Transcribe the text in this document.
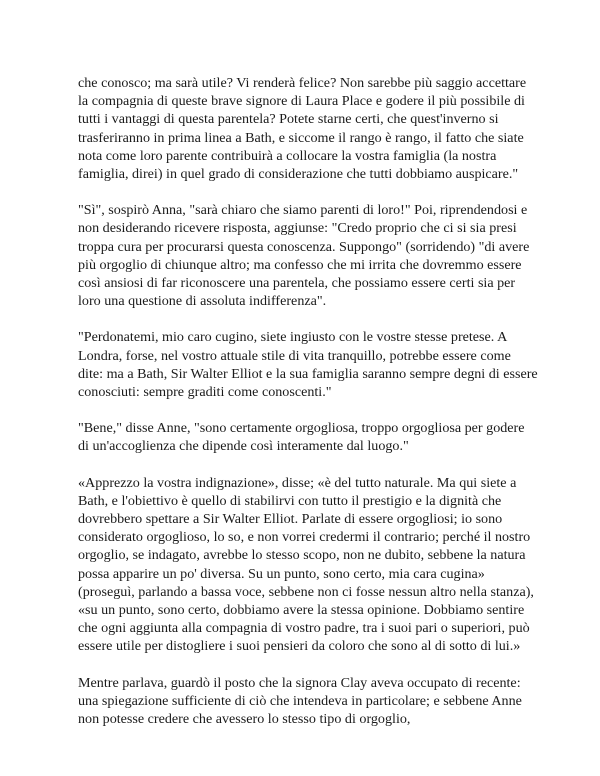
che conosco; ma sarà utile? Vi renderà felice? Non sarebbe più saggio accettare la compagnia di queste brave signore di Laura Place e godere il più possibile di tutti i vantaggi di questa parentela? Potete starne certi, che quest'inverno si trasferiranno in prima linea a Bath, e siccome il rango è rango, il fatto che siate nota come loro parente contribuirà a collocare la vostra famiglia (la nostra famiglia, direi) in quel grado di considerazione che tutti dobbiamo auspicare."

"Sì", sospirò Anna, "sarà chiaro che siamo parenti di loro!" Poi, riprendendosi e non desiderando ricevere risposta, aggiunse: "Credo proprio che ci si sia presi troppa cura per procurarsi questa conoscenza. Suppongo" (sorridendo) "di avere più orgoglio di chiunque altro; ma confesso che mi irrita che dovremmo essere così ansiosi di far riconoscere una parentela, che possiamo essere certi sia per loro una questione di assoluta indifferenza".

"Perdonatemi, mio caro cugino, siete ingiusto con le vostre stesse pretese. A Londra, forse, nel vostro attuale stile di vita tranquillo, potrebbe essere come dite: ma a Bath, Sir Walter Elliot e la sua famiglia saranno sempre degni di essere conosciuti: sempre graditi come conoscenti."

"Bene," disse Anne, "sono certamente orgogliosa, troppo orgogliosa per godere di un'accoglienza che dipende così interamente dal luogo."

«Apprezzo la vostra indignazione», disse; «è del tutto naturale. Ma qui siete a Bath, e l'obiettivo è quello di stabilirvi con tutto il prestigio e la dignità che dovrebbero spettare a Sir Walter Elliot. Parlate di essere orgogliosi; io sono considerato orgoglioso, lo so, e non vorrei credermi il contrario; perché il nostro orgoglio, se indagato, avrebbe lo stesso scopo, non ne dubito, sebbene la natura possa apparire un po' diversa. Su un punto, sono certo, mia cara cugina» (proseguì, parlando a bassa voce, sebbene non ci fosse nessun altro nella stanza), «su un punto, sono certo, dobbiamo avere la stessa opinione. Dobbiamo sentire che ogni aggiunta alla compagnia di vostro padre, tra i suoi pari o superiori, può essere utile per distogliere i suoi pensieri da coloro che sono al di sotto di lui.»

Mentre parlava, guardò il posto che la signora Clay aveva occupato di recente: una spiegazione sufficiente di ciò che intendeva in particolare; e sebbene Anne non potesse credere che avessero lo stesso tipo di orgoglio,
